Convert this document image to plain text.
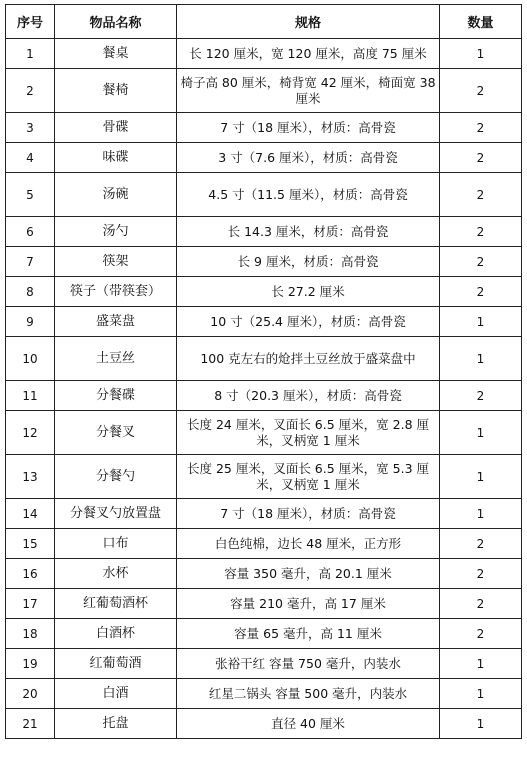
序号	物品名称	规格	数量
1	餐桌	长 120 厘米，宽 120 厘米，高度 75 厘米	1
2	餐椅	椅子高 80 厘米，椅背宽 42 厘米，椅面宽 38 厘米	2
3	骨碟	7 寸（18 厘米），材质：高骨瓷	2
4	味碟	3 寸（7.6 厘米），材质：高骨瓷	2
5	汤碗	4.5 寸（11.5 厘米），材质：高骨瓷	2
6	汤勺	长 14.3 厘米，材质：高骨瓷	2
7	筷架	长 9 厘米，材质：高骨瓷	2
8	筷子（带筷套）	长 27.2 厘米	2
9	盛菜盘	10 寸（25.4 厘米），材质：高骨瓷	1
10	土豆丝	100 克左右的炝拌土豆丝放于盛菜盘中	1
11	分餐碟	8 寸（20.3 厘米），材质：高骨瓷	2
12	分餐叉	长度 24 厘米，叉面长 6.5 厘米，宽 2.8 厘米，叉柄宽 1 厘米	1
13	分餐勺	长度 25 厘米，叉面长 6.5 厘米，宽 5.3 厘米，叉柄宽 1 厘米	1
14	分餐叉勺放置盘	7 寸（18 厘米），材质：高骨瓷	1
15	口布	白色纯棉，边长 48 厘米，正方形	2
16	水杯	容量 350 毫升，高 20.1 厘米	2
17	红葡萄酒杯	容量 210 毫升，高 17 厘米	2
18	白酒杯	容量 65 毫升，高 11 厘米	2
19	红葡萄酒	张裕干红 容量 750 毫升，内装水	1
20	白酒	红星二锅头 容量 500 毫升，内装水	1
21	托盘	直径 40 厘米	1
